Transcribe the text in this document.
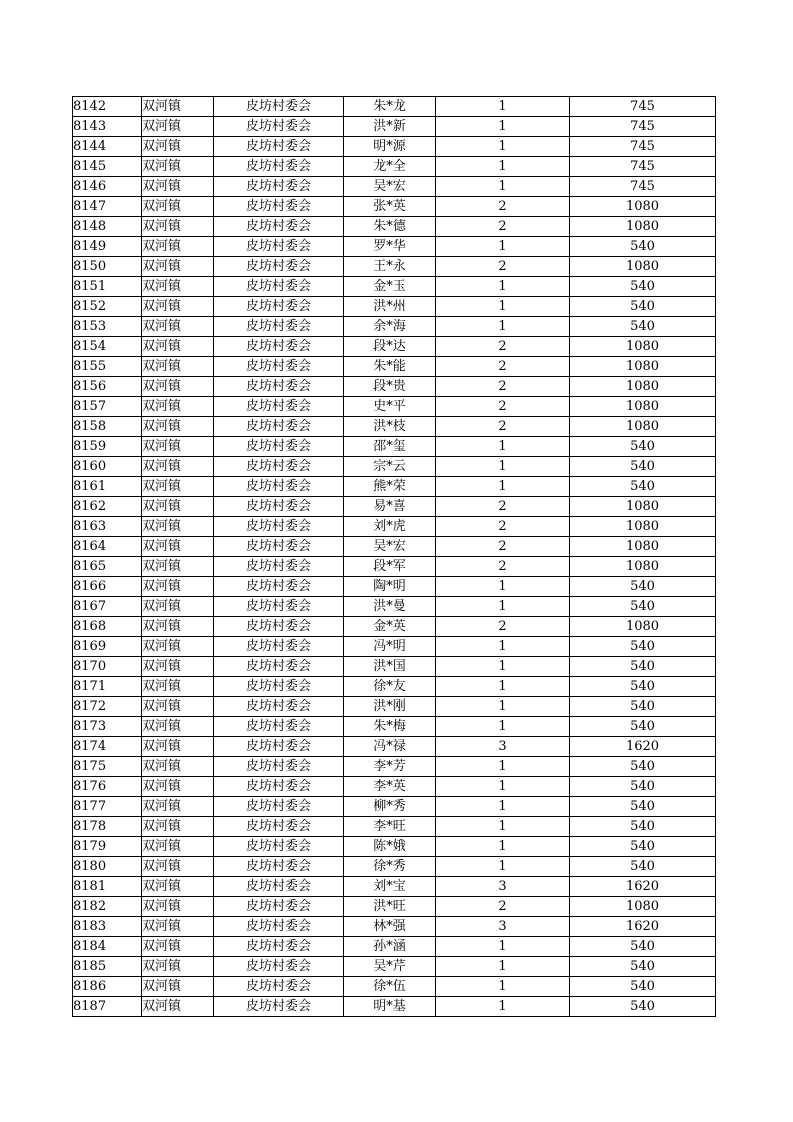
8142	双河镇	皮坊村委会	朱*龙	1	745
8143	双河镇	皮坊村委会	洪*新	1	745
8144	双河镇	皮坊村委会	明*源	1	745
8145	双河镇	皮坊村委会	龙*全	1	745
8146	双河镇	皮坊村委会	吴*宏	1	745
8147	双河镇	皮坊村委会	张*英	2	1080
8148	双河镇	皮坊村委会	朱*德	2	1080
8149	双河镇	皮坊村委会	罗*华	1	540
8150	双河镇	皮坊村委会	王*永	2	1080
8151	双河镇	皮坊村委会	金*玉	1	540
8152	双河镇	皮坊村委会	洪*州	1	540
8153	双河镇	皮坊村委会	余*海	1	540
8154	双河镇	皮坊村委会	段*达	2	1080
8155	双河镇	皮坊村委会	朱*能	2	1080
8156	双河镇	皮坊村委会	段*贵	2	1080
8157	双河镇	皮坊村委会	史*平	2	1080
8158	双河镇	皮坊村委会	洪*枝	2	1080
8159	双河镇	皮坊村委会	邵*玺	1	540
8160	双河镇	皮坊村委会	宗*云	1	540
8161	双河镇	皮坊村委会	熊*荣	1	540
8162	双河镇	皮坊村委会	易*喜	2	1080
8163	双河镇	皮坊村委会	刘*虎	2	1080
8164	双河镇	皮坊村委会	吴*宏	2	1080
8165	双河镇	皮坊村委会	段*军	2	1080
8166	双河镇	皮坊村委会	陶*明	1	540
8167	双河镇	皮坊村委会	洪*曼	1	540
8168	双河镇	皮坊村委会	金*英	2	1080
8169	双河镇	皮坊村委会	冯*明	1	540
8170	双河镇	皮坊村委会	洪*国	1	540
8171	双河镇	皮坊村委会	徐*友	1	540
8172	双河镇	皮坊村委会	洪*刚	1	540
8173	双河镇	皮坊村委会	朱*梅	1	540
8174	双河镇	皮坊村委会	冯*禄	3	1620
8175	双河镇	皮坊村委会	李*芳	1	540
8176	双河镇	皮坊村委会	李*英	1	540
8177	双河镇	皮坊村委会	柳*秀	1	540
8178	双河镇	皮坊村委会	李*旺	1	540
8179	双河镇	皮坊村委会	陈*娥	1	540
8180	双河镇	皮坊村委会	徐*秀	1	540
8181	双河镇	皮坊村委会	刘*宝	3	1620
8182	双河镇	皮坊村委会	洪*旺	2	1080
8183	双河镇	皮坊村委会	林*强	3	1620
8184	双河镇	皮坊村委会	孙*涵	1	540
8185	双河镇	皮坊村委会	吴*芹	1	540
8186	双河镇	皮坊村委会	徐*伍	1	540
8187	双河镇	皮坊村委会	明*基	1	540
